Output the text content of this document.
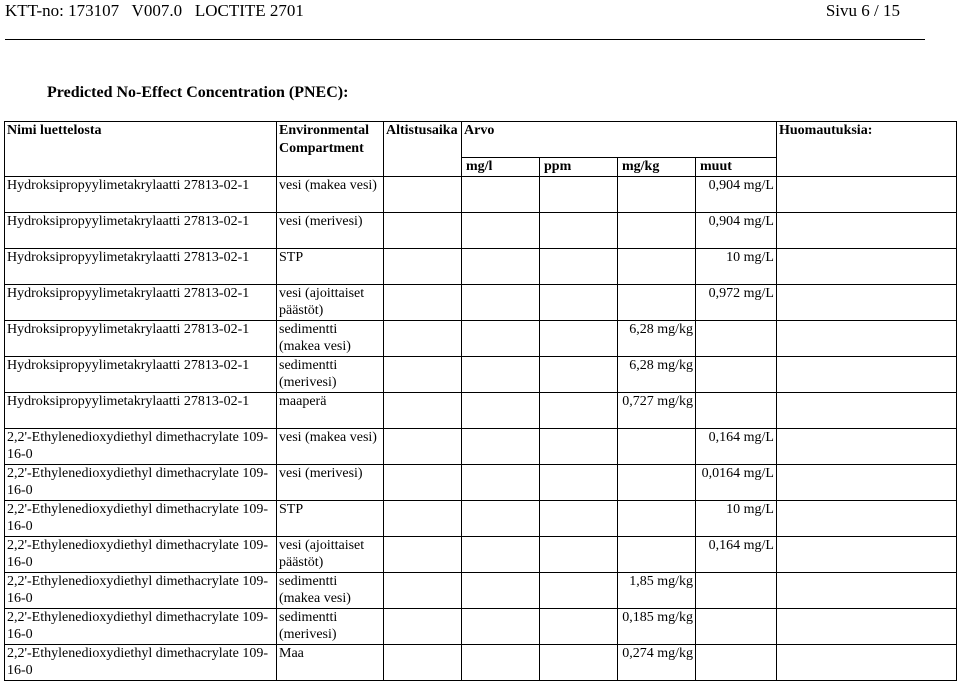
KTT-no: 173107   V007.0   LOCTITE 2701	Sivu 6 / 15
Predicted No-Effect Concentration (PNEC):
Nimi luettelosta	Environmental Compartment	Altistusaika	Arvo				Huomautuksia:
			mg/l	ppm	mg/kg	muut	
Hydroksipropyylimetakrylaatti 27813-02-1	vesi (makea vesi)					0,904 mg/L	
Hydroksipropyylimetakrylaatti 27813-02-1	vesi (merivesi)					0,904 mg/L	
Hydroksipropyylimetakrylaatti 27813-02-1	STP					10 mg/L	
Hydroksipropyylimetakrylaatti 27813-02-1	vesi (ajoittaiset päästöt)					0,972 mg/L	
Hydroksipropyylimetakrylaatti 27813-02-1	sedimentti (makea vesi)				6,28 mg/kg		
Hydroksipropyylimetakrylaatti 27813-02-1	sedimentti (merivesi)				6,28 mg/kg		
Hydroksipropyylimetakrylaatti 27813-02-1	maaperä				0,727 mg/kg		
2,2'-Ethylenedioxydiethyl dimethacrylate 109-16-0	vesi (makea vesi)					0,164 mg/L	
2,2'-Ethylenedioxydiethyl dimethacrylate 109-16-0	vesi (merivesi)					0,0164 mg/L	
2,2'-Ethylenedioxydiethyl dimethacrylate 109-16-0	STP					10 mg/L	
2,2'-Ethylenedioxydiethyl dimethacrylate 109-16-0	vesi (ajoittaiset päästöt)					0,164 mg/L	
2,2'-Ethylenedioxydiethyl dimethacrylate 109-16-0	sedimentti (makea vesi)				1,85 mg/kg		
2,2'-Ethylenedioxydiethyl dimethacrylate 109-16-0	sedimentti (merivesi)				0,185 mg/kg		
2,2'-Ethylenedioxydiethyl dimethacrylate 109-16-0	Maa				0,274 mg/kg		
